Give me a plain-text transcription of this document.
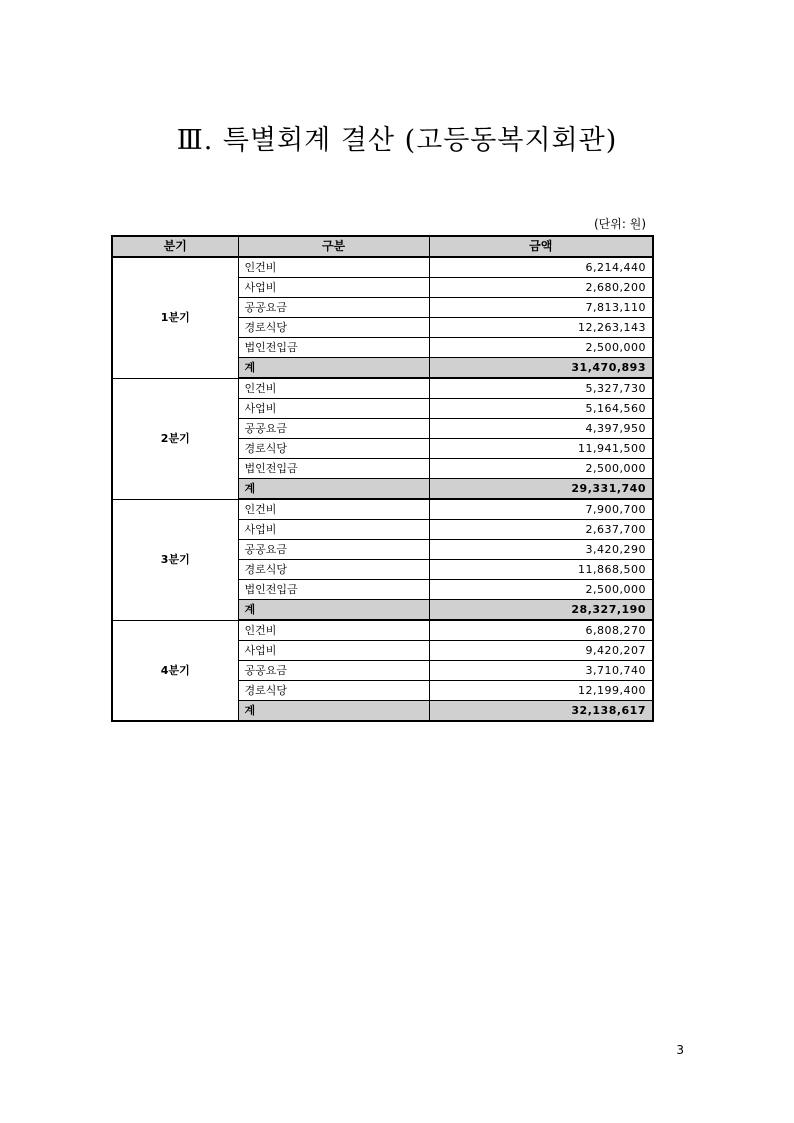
Ⅲ. 특별회계 결산 (고등동복지회관)
(단위: 원)
분기	구분	금액
1분기	인건비	6,214,440
	사업비	2,680,200
	공공요금	7,813,110
	경로식당	12,263,143
	법인전입금	2,500,000
	계	31,470,893
2분기	인건비	5,327,730
	사업비	5,164,560
	공공요금	4,397,950
	경로식당	11,941,500
	법인전입금	2,500,000
	계	29,331,740
3분기	인건비	7,900,700
	사업비	2,637,700
	공공요금	3,420,290
	경로식당	11,868,500
	법인전입금	2,500,000
	계	28,327,190
4분기	인건비	6,808,270
	사업비	9,420,207
	공공요금	3,710,740
	경로식당	12,199,400
	계	32,138,617
3
